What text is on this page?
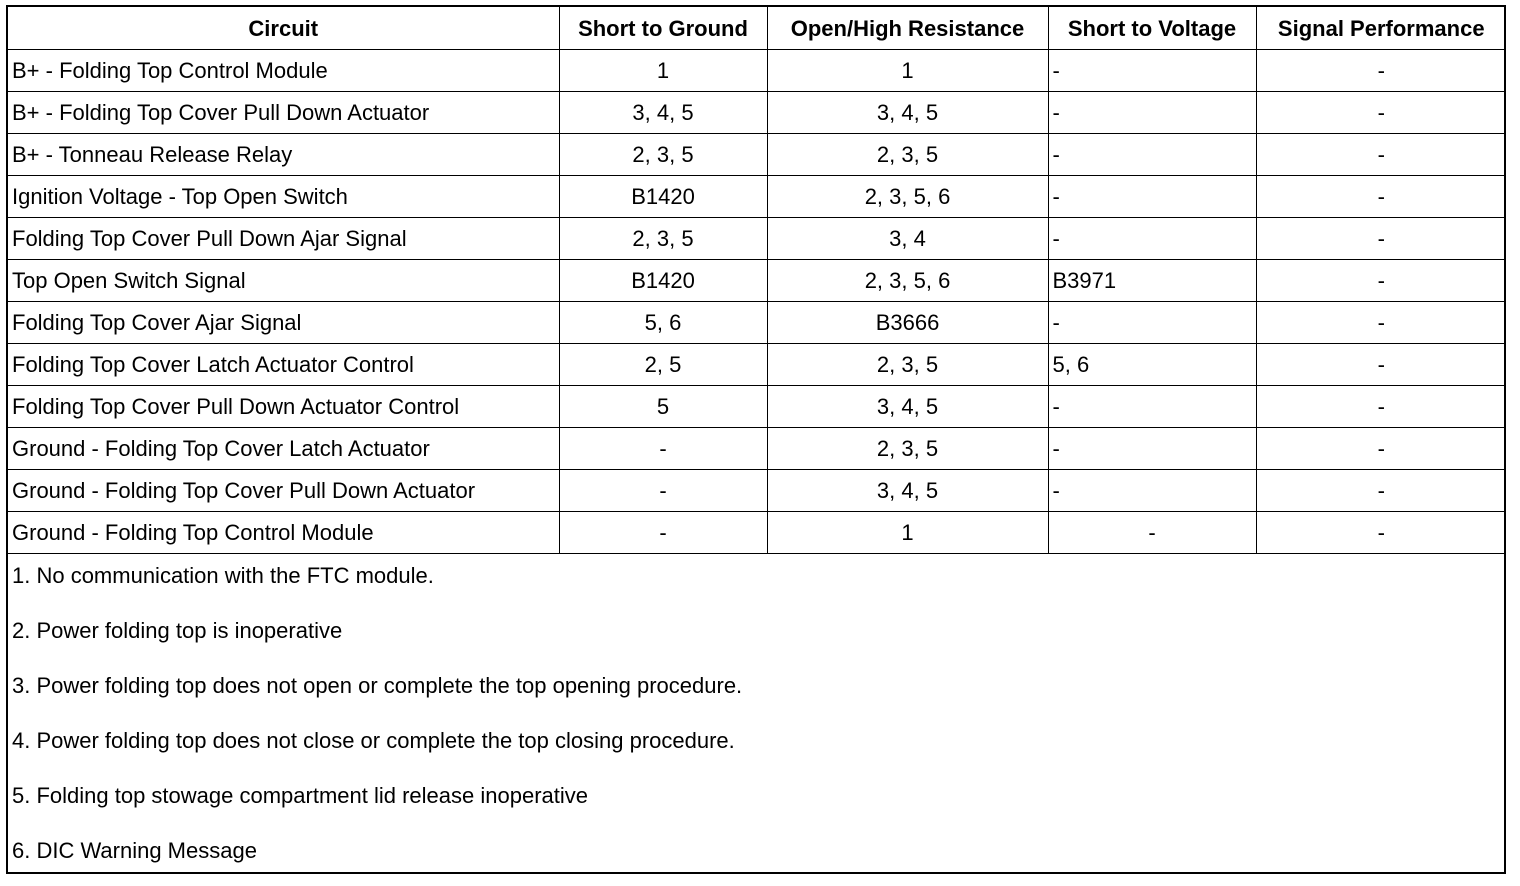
Circuit	Short to Ground	Open/High Resistance	Short to Voltage	Signal Performance
B+ - Folding Top Control Module	1	1	-	-
B+ - Folding Top Cover Pull Down Actuator	3, 4, 5	3, 4, 5	-	-
B+ - Tonneau Release Relay	2, 3, 5	2, 3, 5	-	-
Ignition Voltage - Top Open Switch	B1420	2, 3, 5, 6	-	-
Folding Top Cover Pull Down Ajar Signal	2, 3, 5	3, 4	-	-
Top Open Switch Signal	B1420	2, 3, 5, 6	B3971	-
Folding Top Cover Ajar Signal	5, 6	B3666	-	-
Folding Top Cover Latch Actuator Control	2, 5	2, 3, 5	5, 6	-
Folding Top Cover Pull Down Actuator Control	5	3, 4, 5	-	-
Ground - Folding Top Cover Latch Actuator	-	2, 3, 5	-	-
Ground - Folding Top Cover Pull Down Actuator	-	3, 4, 5	-	-
Ground - Folding Top Control Module	-	1	-	-
1. No communication with the FTC module.
2. Power folding top is inoperative
3. Power folding top does not open or complete the top opening procedure.
4. Power folding top does not close or complete the top closing procedure.
5. Folding top stowage compartment lid release inoperative
6. DIC Warning Message
